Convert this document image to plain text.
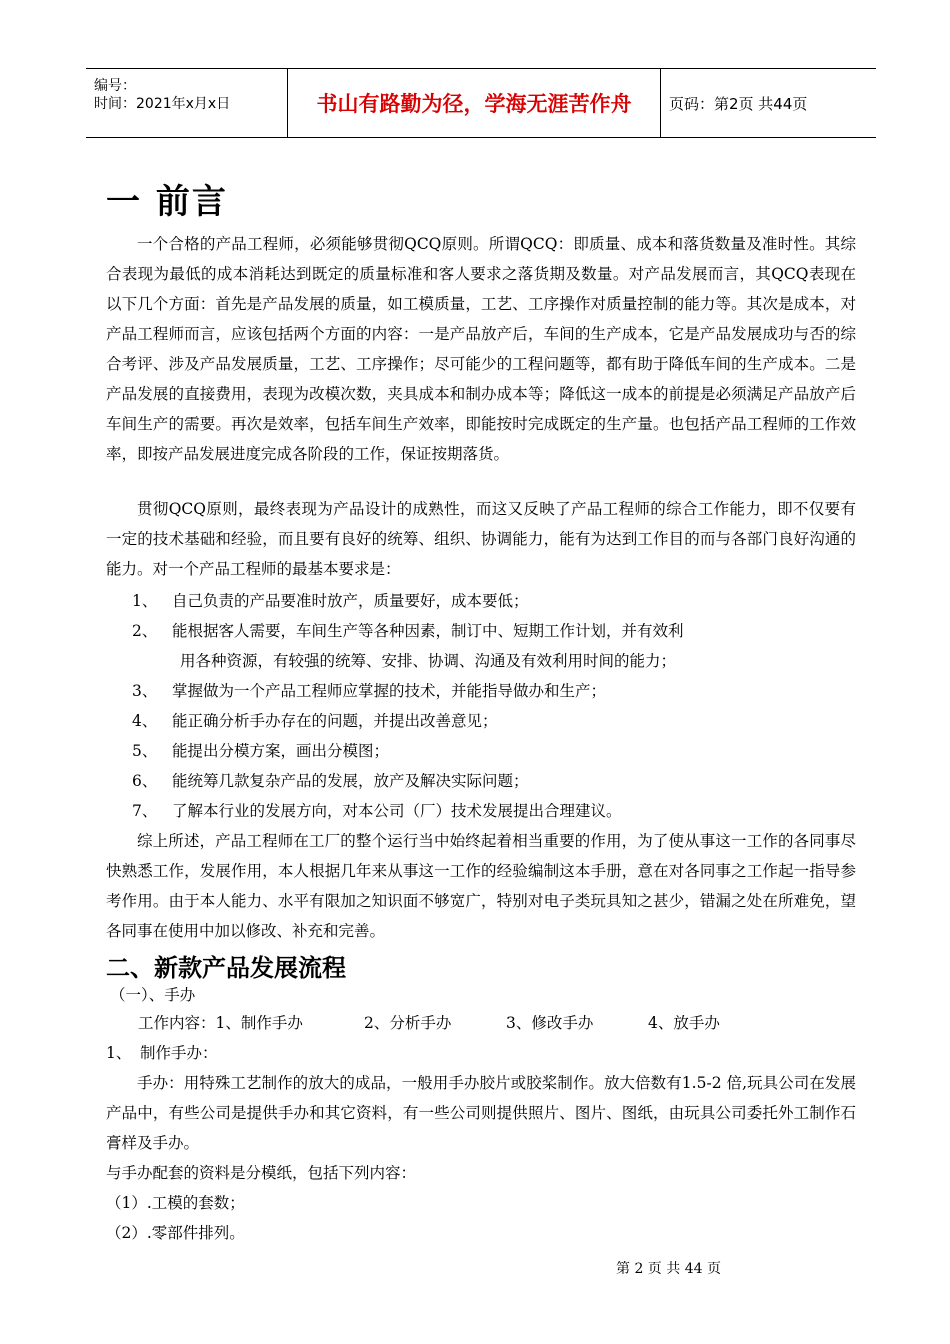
编号：
时间：2021年x月x日	书山有路勤为径，学海无涯苦作舟	页码：第2页 共44页
一 前言
一个合格的产品工程师，必须能够贯彻QCQ原则。所谓QCQ：即质量、成本和落货数量及准时性。其综合表现为最低的成本消耗达到既定的质量标准和客人要求之落货期及数量。对产品发展而言，其QCQ表现在以下几个方面：首先是产品发展的质量，如工模质量，工艺、工序操作对质量控制的能力等。其次是成本，对产品工程师而言，应该包括两个方面的内容：一是产品放产后，车间的生产成本，它是产品发展成功与否的综合考评、涉及产品发展质量，工艺、工序操作；尽可能少的工程问题等，都有助于降低车间的生产成本。二是产品发展的直接费用，表现为改模次数，夹具成本和制办成本等；降低这一成本的前提是必须满足产品放产后车间生产的需要。再次是效率，包括车间生产效率，即能按时完成既定的生产量。也包括产品工程师的工作效率，即按产品发展进度完成各阶段的工作，保证按期落货。
贯彻QCQ原则，最终表现为产品设计的成熟性，而这又反映了产品工程师的综合工作能力，即不仅要有一定的技术基础和经验，而且要有良好的统筹、组织、协调能力，能有为达到工作目的而与各部门良好沟通的能力。对一个产品工程师的最基本要求是：
1、 自己负责的产品要准时放产，质量要好，成本要低；
2、 能根据客人需要，车间生产等各种因素，制订中、短期工作计划，并有效利
用各种资源，有较强的统筹、安排、协调、沟通及有效利用时间的能力；
3、 掌握做为一个产品工程师应掌握的技术，并能指导做办和生产；
4、 能正确分析手办存在的问题，并提出改善意见；
5、 能提出分模方案，画出分模图；
6、 能统筹几款复杂产品的发展，放产及解决实际问题；
7、 了解本行业的发展方向，对本公司（厂）技术发展提出合理建议。
综上所述，产品工程师在工厂的整个运行当中始终起着相当重要的作用，为了使从事这一工作的各同事尽快熟悉工作，发展作用，本人根据几年来从事这一工作的经验编制这本手册，意在对各同事之工作起一指导参考作用。由于本人能力、水平有限加之知识面不够宽广，特别对电子类玩具知之甚少，错漏之处在所难免，望各同事在使用中加以修改、补充和完善。
二、新款产品发展流程
（一）、手办
工作内容：1、制作手办	2、分析手办	3、修改手办	4、放手办
1、 制作手办：
手办：用特殊工艺制作的放大的成品，一般用手办胶片或胶桨制作。放大倍数有1.5-2 倍,玩具公司在发展产品中，有些公司是提供手办和其它资料，有一些公司则提供照片、图片、图纸，由玩具公司委托外工制作石膏样及手办。
与手办配套的资料是分模纸，包括下列内容：
（1）.工模的套数；
（2）.零部件排列。
第 2 页 共 44 页
